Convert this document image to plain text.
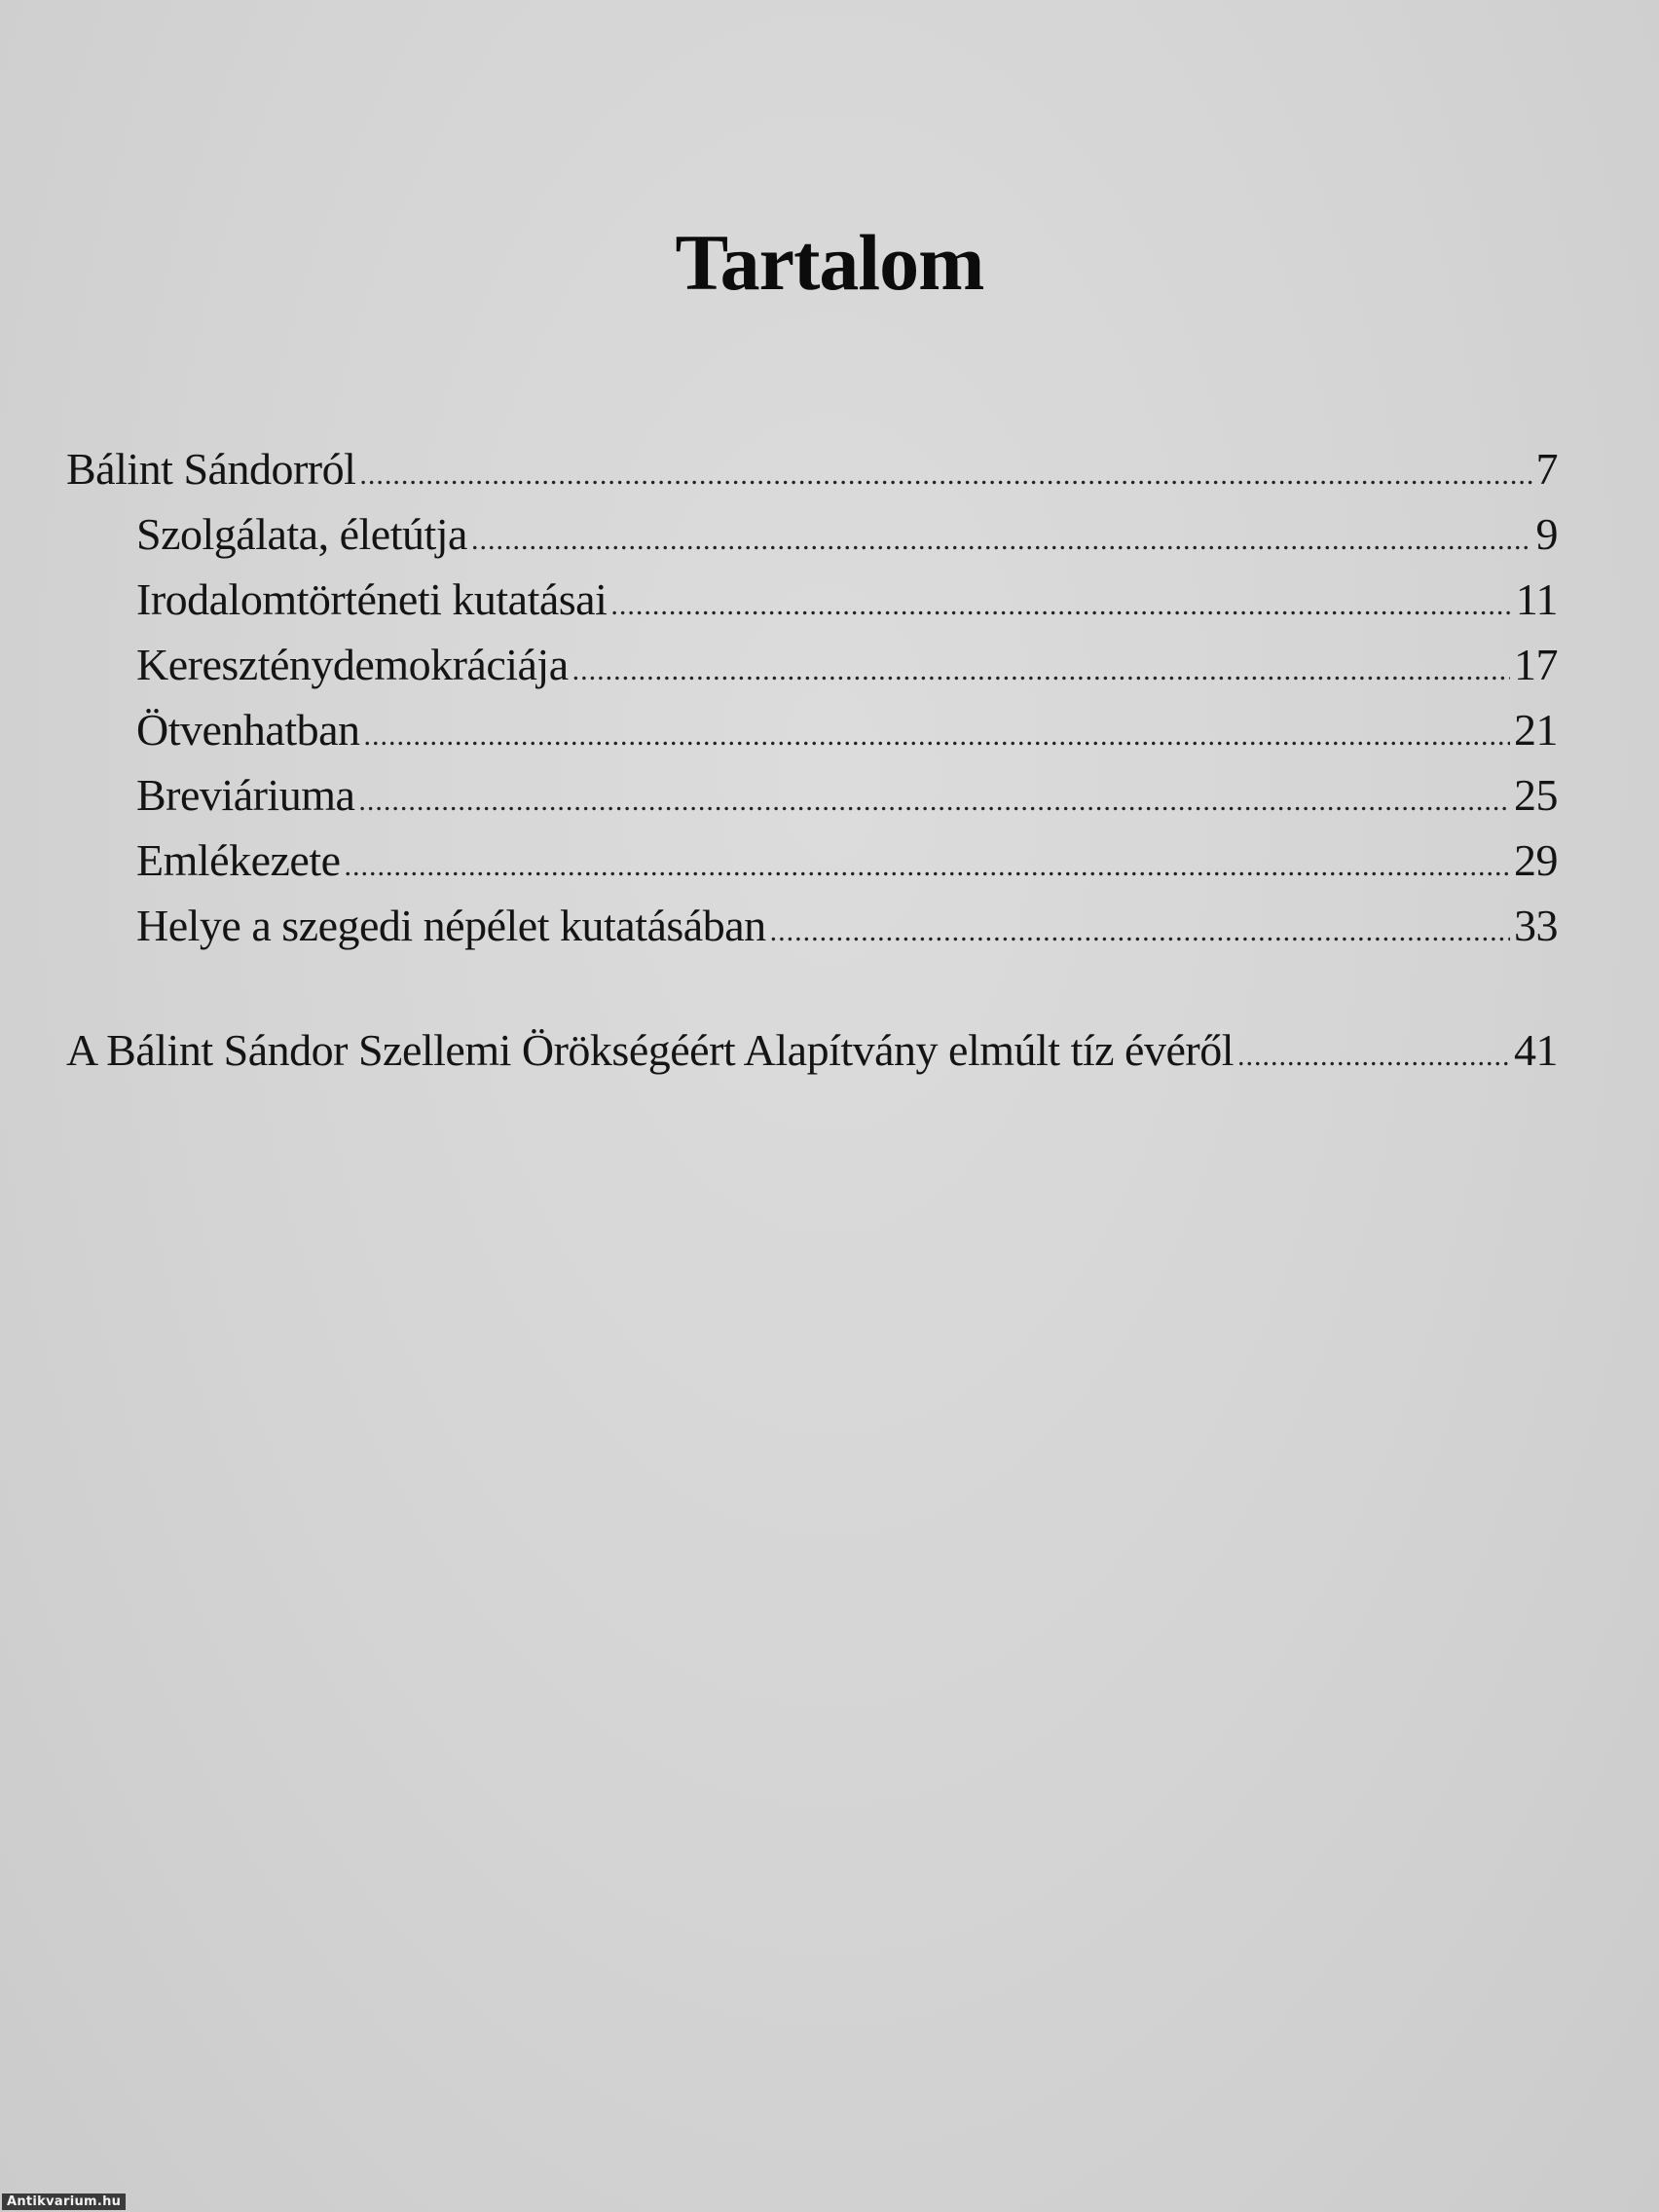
Tartalom
Bálint Sándorról .....	7
Szolgálata, életútja .....	9
Irodalomtörténeti kutatásai .....	11
Kereszténydemokráciája .....	17
Ötvenhatban .....	21
Breviáriuma .....	25
Emlékezete .....	29
Helye a szegedi népélet kutatásában .....	33
A Bálint Sándor Szellemi Örökségéért Alapítvány elmúlt tíz évéről .....	41
Antikvarium.hu
